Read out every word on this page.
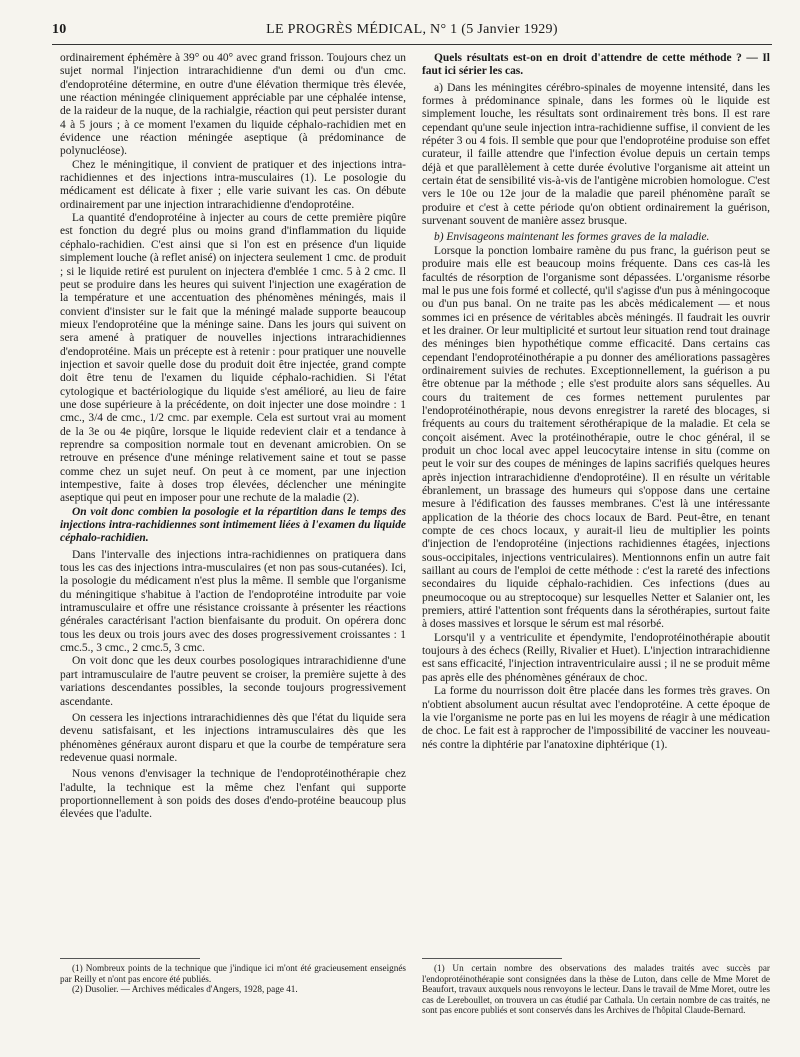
10	LE PROGRÈS MÉDICAL, N° 1 (5 Janvier 1929)

ordinairement éphémère à 39° ou 40° avec grand frisson. Toujours chez un sujet normal l'injection intrarachidienne d'un demi ou d'un cmc. d'endoprotéine détermine, en outre d'une élévation thermique très élevée, une réaction méningée cliniquement appréciable par une céphalée intense, de la raideur de la nuque, de la rachialgie, réaction qui peut persister durant 4 à 5 jours ; à ce moment l'examen du liquide céphalo-rachidien met en évidence une réaction méningée aseptique (à prédominance de polynucléose).

Chez le méningitique, il convient de pratiquer et des injections intra-rachidiennes et des injections intra-musculaires (1). Le posologie du médicament est délicate à fixer ; elle varie suivant les cas. On débute ordinairement par une injection intrarachidienne d'endoprotéine.

La quantité d'endoprotéine à injecter au cours de cette première piqûre est fonction du degré plus ou moins grand d'inflammation du liquide céphalo-rachidien. C'est ainsi que si l'on est en présence d'un liquide simplement louche (à reflet anisé) on injectera seulement 1 cmc. de produit ; si le liquide retiré est purulent on injectera d'emblée 1 cmc. 5 à 2 cmc. Il peut se produire dans les heures qui suivent l'injection une exagération de la température et une accentuation des phénomènes méningés, mais il convient d'insister sur le fait que la méningé malade supporte beaucoup mieux l'endoprotéine que la méninge saine. Dans les jours qui suivent on sera amené à pratiquer de nouvelles injections intrarachidiennes d'endoprotéine. Mais un précepte est à retenir : pour pratiquer une nouvelle injection et savoir quelle dose du produit doit être injectée, grand compte doit être tenu de l'examen du liquide céphalo-rachidien. Si l'état cytologique et bactériologique du liquide s'est amélioré, au lieu de faire une dose supérieure à la précédente, on doit injecter une dose moindre : 1 cmc., 3/4 de cmc., 1/2 cmc. par exemple. Cela est surtout vrai au moment de la 3e ou 4e piqûre, lorsque le liquide redevient clair et a tendance à reprendre sa composition normale tout en devenant amicrobien. On se retrouve en présence d'une méninge relativement saine et tout se passe comme chez un sujet neuf. On peut à ce moment, par une injection intempestive, faite à doses trop élevées, déclencher une méningite aseptique qui peut en imposer pour une rechute de la maladie (2).

On voit donc combien la posologie et la répartition dans le temps des injections intra-rachidiennes sont intimement liées à l'examen du liquide céphalo-rachidien.

Dans l'intervalle des injections intra-rachidiennes on pratiquera dans tous les cas des injections intra-musculaires (et non pas sous-cutanées). Ici, la posologie du médicament n'est plus la même. Il semble que l'organisme du méningitique s'habitue à l'action de l'endoprotéine introduite par voie intramusculaire et offre une résistance croissante à présenter les réactions générales caractérisant l'action bienfaisante du produit. On opérera donc tous les deux ou trois jours avec des doses progressivement croissantes : 1 cmc.5., 3 cmc., 2 cmc.5, 3 cmc.

On voit donc que les deux courbes posologiques intrarachidienne d'une part intramusculaire de l'autre peuvent se croiser, la première sujette à des variations descendantes possibles, la seconde toujours progressivement ascendante.

On cessera les injections intrarachidiennes dès que l'état du liquide sera devenu satisfaisant, et les injections intramusculaires dès que les phénomènes généraux auront disparu et que la courbe de température sera redevenue quasi normale.

Nous venons d'envisager la technique de l'endoprotéinothérapie chez l'adulte, la technique est la même chez l'enfant qui supporte proportionnellement à son poids des doses d'endo-protéine beaucoup plus élevées que l'adulte.

(1) Nombreux points de la technique que j'indique ici m'ont été gracieusement enseignés par Reilly et n'ont pas encore été publiés.

(2) Dusolier. — Archives médicales d'Angers, 1928, page 41.

Quels résultats est-on en droit d'attendre de cette méthode ? — Il faut ici sérier les cas.

a) Dans les méningites cérébro-spinales de moyenne intensité, dans les formes à prédominance spinale, dans les formes où le liquide est simplement louche, les résultats sont ordinairement très bons. Il est rare cependant qu'une seule injection intra-rachidienne suffise, il convient de les répéter 3 ou 4 fois. Il semble que pour que l'endoprotéine produise son effet curateur, il faille attendre que l'infection évolue depuis un certain temps déjà et que parallèlement à cette durée évolutive l'organisme ait atteint un certain état de sensibilité vis-à-vis de l'antigène microbien homologue. C'est vers le 10e ou 12e jour de la maladie que pareil phénomène paraît se produire et c'est à cette période qu'on obtient ordinairement la guérison, survenant souvent de manière assez brusque.

b) Envisageons maintenant les formes graves de la maladie.

Lorsque la ponction lombaire ramène du pus franc, la guérison peut se produire mais elle est beaucoup moins fréquente. Dans ces cas-là les facultés de résorption de l'organisme sont dépassées. L'organisme résorbe mal le pus une fois formé et collecté, qu'il s'agisse d'un pus à méningocoque ou d'un pus banal. On ne traite pas les abcès médicalement — et nous sommes ici en présence de véritables abcès méningés. Il faudrait les ouvrir et les drainer. Or leur multiplicité et surtout leur situation rend tout drainage des méninges bien hypothétique comme efficacité. Dans certains cas cependant l'endoprotéinothérapie a pu donner des améliorations passagères ordinairement suivies de rechutes. Exceptionnellement, la guérison a pu être obtenue par la méthode ; elle s'est produite alors sans séquelles. Au cours du traitement de ces formes nettement purulentes par l'endoprotéinothérapie, nous devons enregistrer la rareté des blocages, si fréquents au cours du traitement sérothérapique de la maladie. Et cela se conçoit aisément. Avec la protéinothérapie, outre le choc général, il se produit un choc local avec appel leucocytaire intense in situ (comme on peut le voir sur des coupes de méninges de lapins sacrifiés quelques heures après injection intrarachidienne d'endoprotéine). Il en résulte un véritable ébranlement, un brassage des humeurs qui s'oppose dans une certaine mesure à l'édification des fausses membranes. C'est là une intéressante application de la théorie des chocs locaux de Bard. Peut-être, en tenant compte de ces chocs locaux, y aurait-il lieu de multiplier les points d'injection de l'endoprotéine (injections rachidiennes étagées, injections sous-occipitales, injections ventriculaires). Mentionnons enfin un autre fait saillant au cours de l'emploi de cette méthode : c'est la rareté des infections secondaires du liquide céphalo-rachidien. Ces infections (dues au pneumocoque ou au streptocoque) sur lesquelles Netter et Salanier ont, les premiers, attiré l'attention sont fréquents dans la sérothérapies, surtout faite à doses massives et lorsque le sérum est mal résorbé.

Lorsqu'il y a ventriculite et épendymite, l'endoprotéinothérapie aboutit toujours à des échecs (Reilly, Rivalier et Huet). L'injection intrarachidienne est sans efficacité, l'injection intraventriculaire aussi ; il ne se produit même pas après elle des phénomènes généraux de choc.

La forme du nourrisson doit être placée dans les formes très graves. On n'obtient absolument aucun résultat avec l'endoprotéine. A cette époque de la vie l'organisme ne porte pas en lui les moyens de réagir à une médication de choc. Le fait est à rapprocher de l'impossibilité de vacciner les nouveau-nés contre la diphtérie par l'anatoxine diphtérique (1).

(1) Un certain nombre des observations des malades traités avec succès par l'endoprotéinothérapie sont consignées dans la thèse de Luton, dans celle de Mme Moret de Beaufort, travaux auxquels nous renvoyons le lecteur. Dans le travail de Mme Moret, outre les cas de Lereboullet, on trouvera un cas étudié par Cathala. Un certain nombre de cas traités, ne sont pas encore publiés et sont conservés dans les Archives de l'hôpital Claude-Bernard.
